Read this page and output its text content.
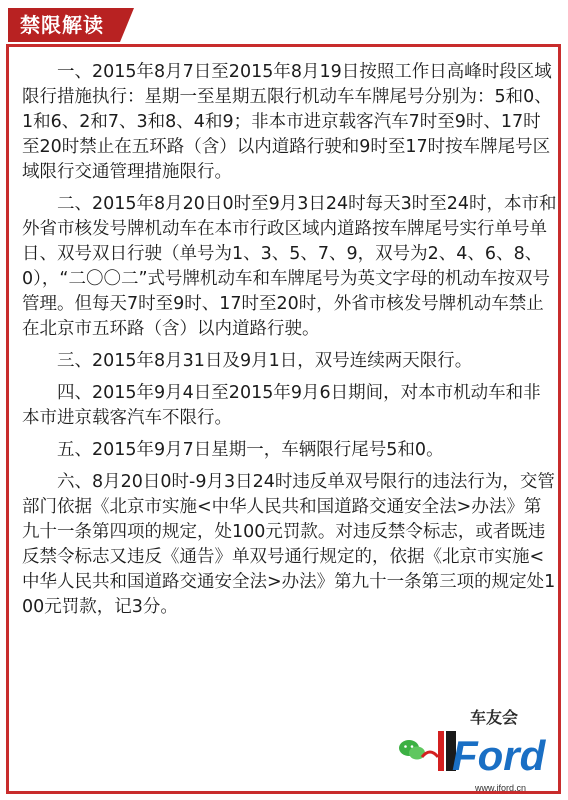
禁限解读

一、2015年8月7日至2015年8月19日按照工作日高峰时段区域限行措施执行：星期一至星期五限行机动车车牌尾号分别为：5和0、1和6、2和7、3和8、4和9；非本市进京载客汽车7时至9时、17时至20时禁止在五环路（含）以内道路行驶和9时至17时按车牌尾号区域限行交通管理措施限行。

二、2015年8月20日0时至9月3日24时每天3时至24时，本市和外省市核发号牌机动车在本市行政区域内道路按车牌尾号实行单号单日、双号双日行驶（单号为1、3、5、7、9，双号为2、4、6、8、0），“二〇〇二”式号牌机动车和车牌尾号为英文字母的机动车按双号管理。但每天7时至9时、17时至20时，外省市核发号牌机动车禁止在北京市五环路（含）以内道路行驶。

三、2015年8月31日及9月1日，双号连续两天限行。

四、2015年9月4日至2015年9月6日期间，对本市机动车和非本市进京载客汽车不限行。

五、2015年9月7日星期一，车辆限行尾号5和0。

六、8月20日0时-9月3日24时违反单双号限行的违法行为，交管部门依据《北京市实施<中华人民共和国道路交通安全法>办法》第九十一条第四项的规定，处100元罚款。对违反禁令标志，或者既违反禁令标志又违反《通告》单双号通行规定的，依据《北京市实施<中华人民共和国道路交通安全法>办法》第九十一条第三项的规定处100元罚款，记3分。

车友会
Ford
www.iford.cn
